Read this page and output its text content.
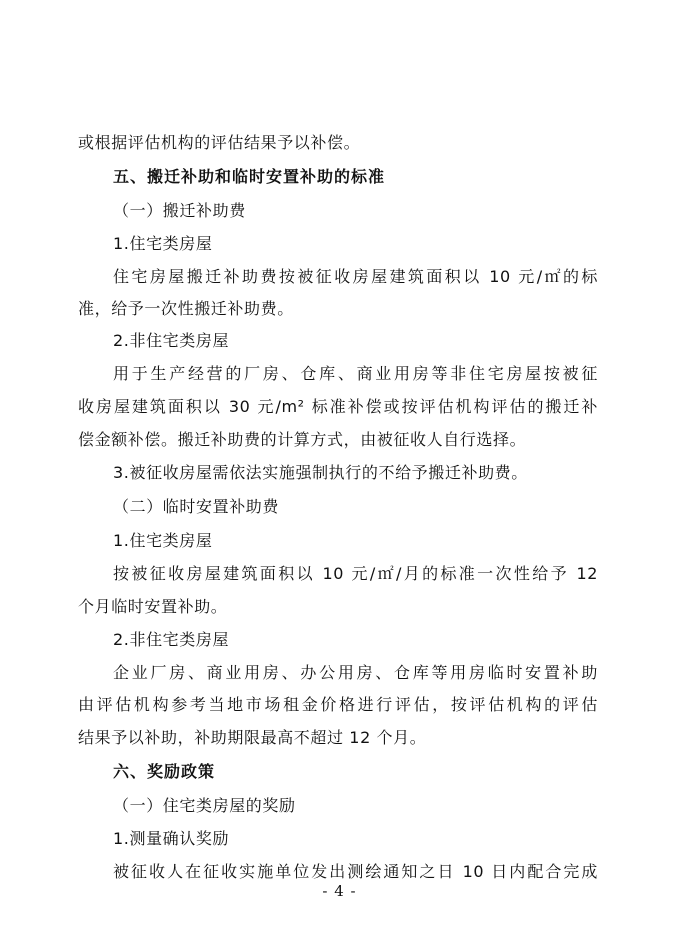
或根据评估机构的评估结果予以补偿。
五、搬迁补助和临时安置补助的标准
（一）搬迁补助费
1.住宅类房屋
住宅房屋搬迁补助费按被征收房屋建筑面积以 10 元/㎡的标
准，给予一次性搬迁补助费。
2.非住宅类房屋
用于生产经营的厂房、仓库、商业用房等非住宅房屋按被征
收房屋建筑面积以 30 元/m² 标准补偿或按评估机构评估的搬迁补
偿金额补偿。搬迁补助费的计算方式，由被征收人自行选择。
3.被征收房屋需依法实施强制执行的不给予搬迁补助费。
（二）临时安置补助费
1.住宅类房屋
按被征收房屋建筑面积以 10 元/㎡/月的标准一次性给予 12
个月临时安置补助。
2.非住宅类房屋
企业厂房、商业用房、办公用房、仓库等用房临时安置补助
由评估机构参考当地市场租金价格进行评估，按评估机构的评估
结果予以补助，补助期限最高不超过 12 个月。
六、奖励政策
（一）住宅类房屋的奖励
1.测量确认奖励
被征收人在征收实施单位发出测绘通知之日 10 日内配合完成
- 4 -
